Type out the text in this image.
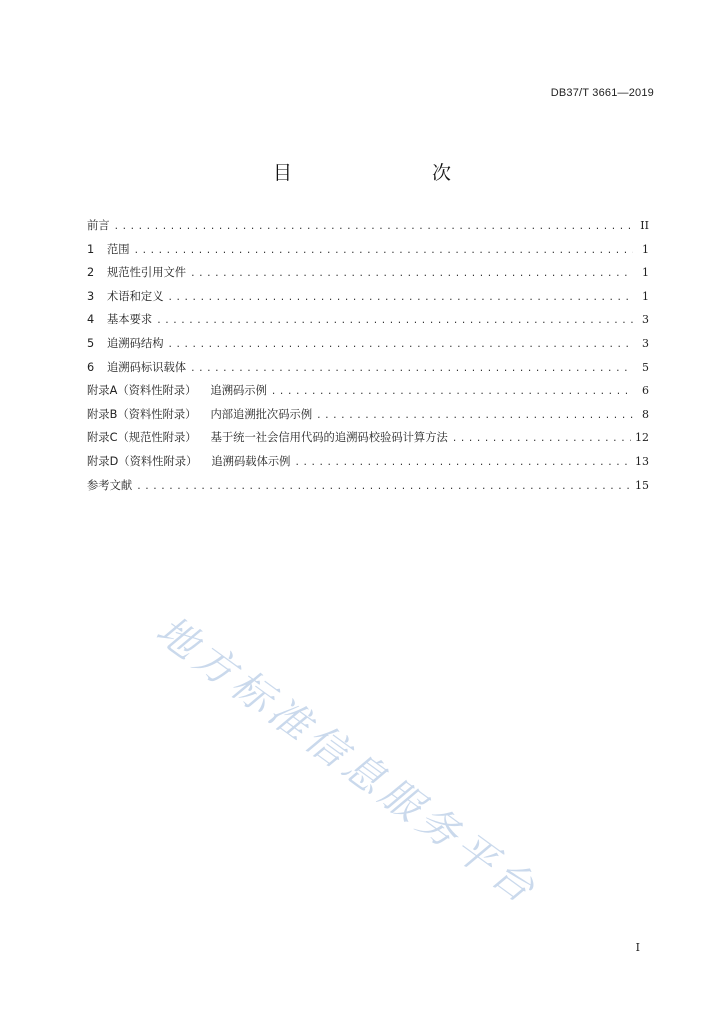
DB37/T 3661—2019
目　　次
前言 .....	II
1	范围 .....	1
2	规范性引用文件 .....	1
3	术语和定义 .....	1
4	基本要求 .....	3
5	追溯码结构 .....	3
6	追溯码标识载体 .....	5
附录A（资料性附录） 追溯码示例 .....	6
附录B（资料性附录） 内部追溯批次码示例 .....	8
附录C（规范性附录） 基于统一社会信用代码的追溯码校验码计算方法 .....	12
附录D（资料性附录） 追溯码载体示例 .....	13
参考文献 .....	15
地方标准信息服务平台
I
